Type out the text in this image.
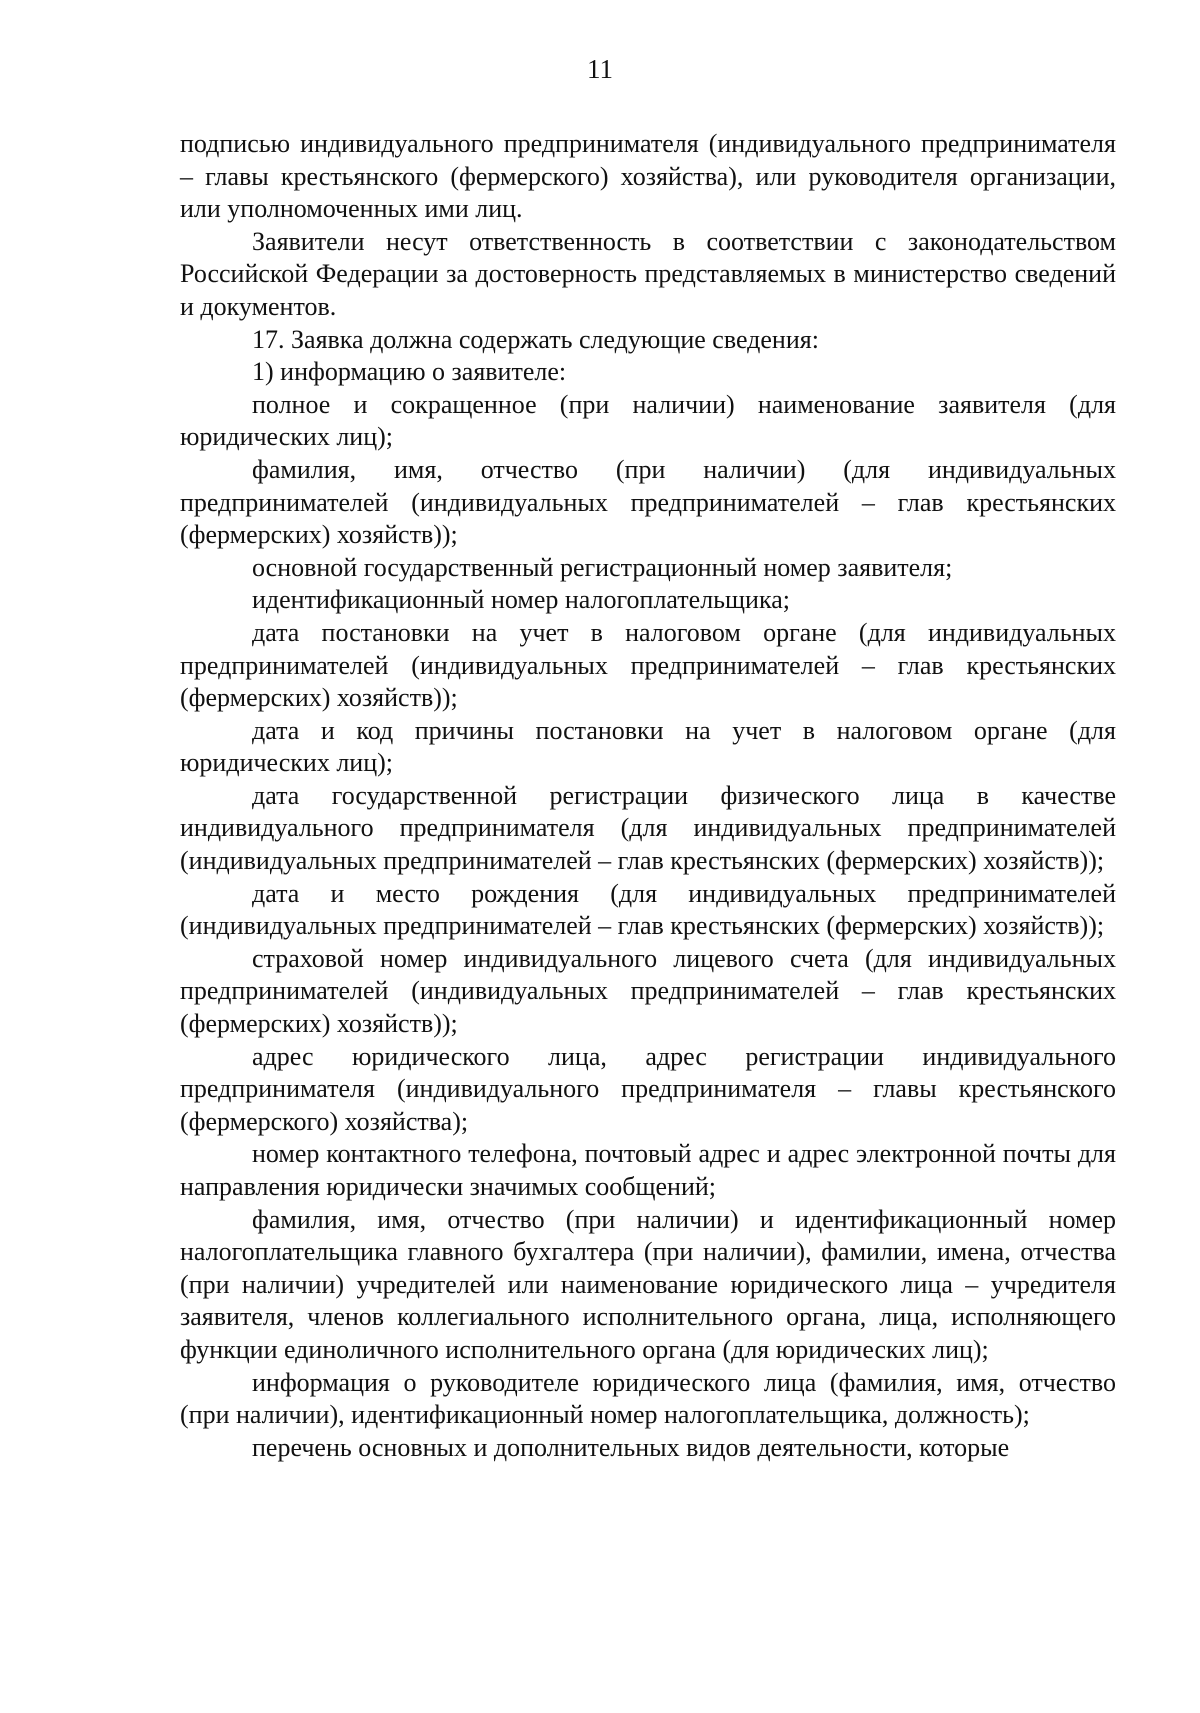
11

подписью индивидуального предпринимателя (индивидуального предпринимателя – главы крестьянского (фермерского) хозяйства), или руководителя организации, или уполномоченных ими лиц.

Заявители несут ответственность в соответствии с законодательством Российской Федерации за достоверность представляемых в министерство сведений и документов.

17. Заявка должна содержать следующие сведения:

1) информацию о заявителе:

полное и сокращенное (при наличии) наименование заявителя (для юридических лиц);

фамилия, имя, отчество (при наличии) (для индивидуальных предпринимателей (индивидуальных предпринимателей – глав крестьянских (фермерских) хозяйств));

основной государственный регистрационный номер заявителя;

идентификационный номер налогоплательщика;

дата постановки на учет в налоговом органе (для индивидуальных предпринимателей (индивидуальных предпринимателей – глав крестьянских (фермерских) хозяйств));

дата и код причины постановки на учет в налоговом органе (для юридических лиц);

дата государственной регистрации физического лица в качестве индивидуального предпринимателя (для индивидуальных предпринимателей (индивидуальных предпринимателей – глав крестьянских (фермерских) хозяйств));

дата и место рождения (для индивидуальных предпринимателей (индивидуальных предпринимателей – глав крестьянских (фермерских) хозяйств));

страховой номер индивидуального лицевого счета (для индивидуальных предпринимателей (индивидуальных предпринимателей – глав крестьянских (фермерских) хозяйств));

адрес юридического лица, адрес регистрации индивидуального предпринимателя (индивидуального предпринимателя – главы крестьянского (фермерского) хозяйства);

номер контактного телефона, почтовый адрес и адрес электронной почты для направления юридически значимых сообщений;

фамилия, имя, отчество (при наличии) и идентификационный номер налогоплательщика главного бухгалтера (при наличии), фамилии, имена, отчества (при наличии) учредителей или наименование юридического лица – учредителя заявителя, членов коллегиального исполнительного органа, лица, исполняющего функции единоличного исполнительного органа (для юридических лиц);

информация о руководителе юридического лица (фамилия, имя, отчество (при наличии), идентификационный номер налогоплательщика, должность);

перечень основных и дополнительных видов деятельности, которые
